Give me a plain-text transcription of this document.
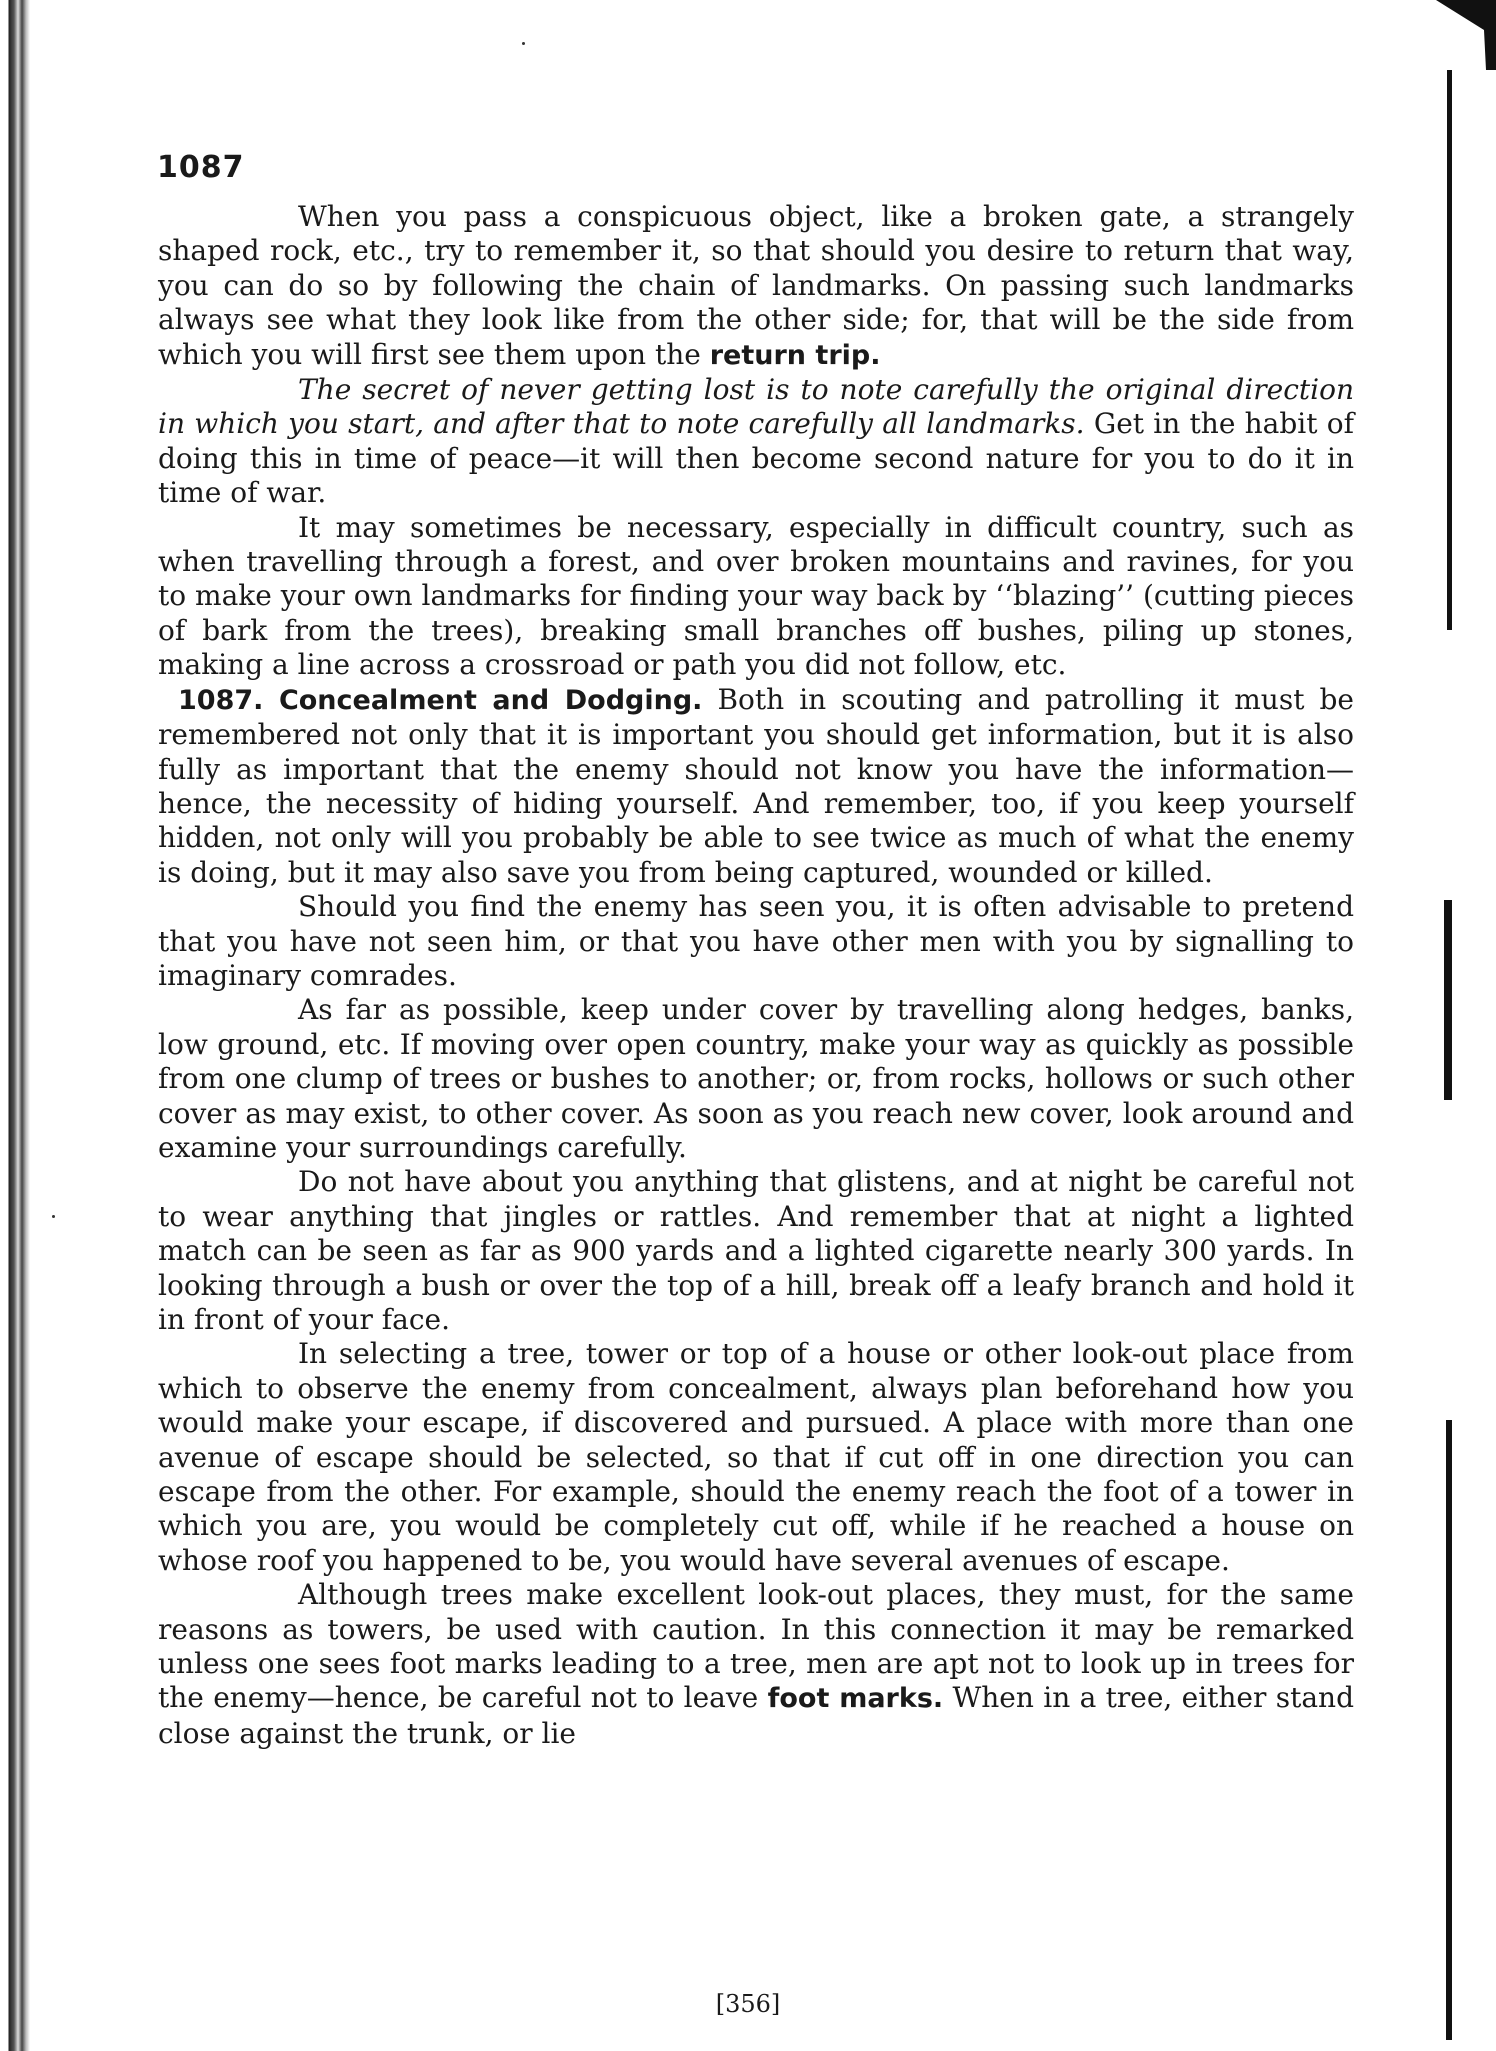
1087

When you pass a conspicuous object, like a broken gate, a strangely shaped rock, etc., try to remember it, so that should you desire to return that way, you can do so by following the chain of landmarks. On passing such landmarks always see what they look like from the other side; for, that will be the side from which you will first see them upon the return trip.

The secret of never getting lost is to note carefully the original direction in which you start, and after that to note carefully all landmarks. Get in the habit of doing this in time of peace—it will then become second nature for you to do it in time of war.

It may sometimes be necessary, especially in difficult country, such as when travelling through a forest, and over broken mountains and ravines, for you to make your own landmarks for finding your way back by ‘‘blazing’’ (cutting pieces of bark from the trees), breaking small branches off bushes, piling up stones, making a line across a crossroad or path you did not follow, etc.

1087. Concealment and Dodging. Both in scouting and patrolling it must be remembered not only that it is important you should get information, but it is also fully as important that the enemy should not know you have the information—hence, the necessity of hiding yourself. And remember, too, if you keep yourself hidden, not only will you probably be able to see twice as much of what the enemy is doing, but it may also save you from being captured, wounded or killed.

Should you find the enemy has seen you, it is often advisable to pretend that you have not seen him, or that you have other men with you by signalling to imaginary comrades.

As far as possible, keep under cover by travelling along hedges, banks, low ground, etc. If moving over open country, make your way as quickly as possible from one clump of trees or bushes to another; or, from rocks, hollows or such other cover as may exist, to other cover. As soon as you reach new cover, look around and examine your surroundings carefully.

Do not have about you anything that glistens, and at night be careful not to wear anything that jingles or rattles. And remember that at night a lighted match can be seen as far as 900 yards and a lighted cigarette nearly 300 yards. In looking through a bush or over the top of a hill, break off a leafy branch and hold it in front of your face.

In selecting a tree, tower or top of a house or other look-out place from which to observe the enemy from concealment, always plan beforehand how you would make your escape, if discovered and pursued. A place with more than one avenue of escape should be selected, so that if cut off in one direction you can escape from the other. For example, should the enemy reach the foot of a tower in which you are, you would be completely cut off, while if he reached a house on whose roof you happened to be, you would have several avenues of escape.

Although trees make excellent look-out places, they must, for the same reasons as towers, be used with caution. In this connection it may be remarked unless one sees foot marks leading to a tree, men are apt not to look up in trees for the enemy—hence, be careful not to leave foot marks. When in a tree, either stand close against the trunk, or lie

[356]
